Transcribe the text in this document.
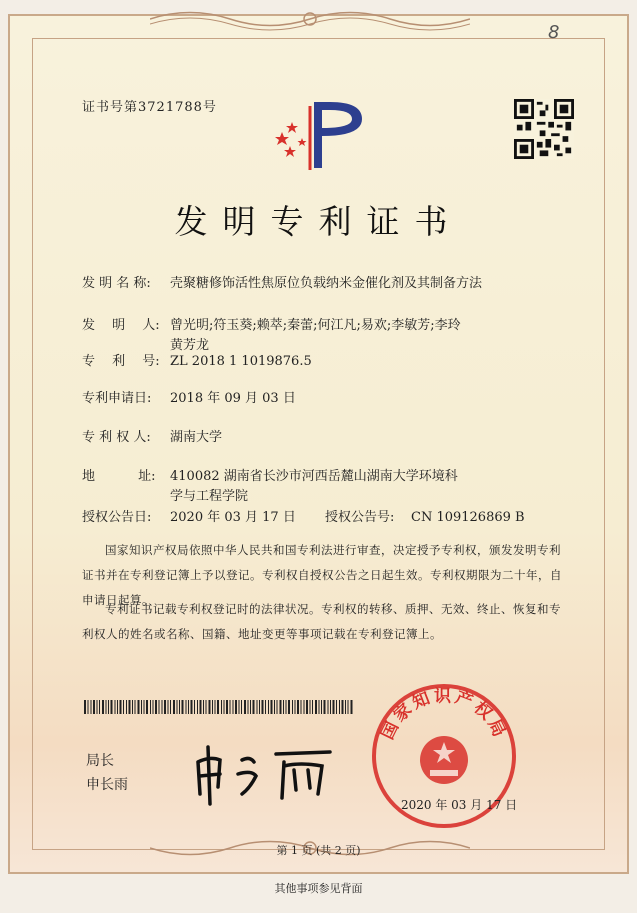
8
证书号第3721788号
发明专利证书
发 明 名 称: 壳聚糖修饰活性焦原位负载纳米金催化剂及其制备方法
发　 明 　人: 曾光明;符玉葵;赖萃;秦蕾;何江凡;易欢;李敏芳;李玲黄芳龙
专　 利 　号: ZL 2018 1 1019876.5
专利申请日: 2018 年 09 月 03 日
专 利 权 人: 湖南大学
地　　　 址: 410082 湖南省长沙市河西岳麓山湖南大学环境科学与工程学院
授权公告日: 2020 年 03 月 17 日	授权公告号: CN 109126869 B
国家知识产权局依照中华人民共和国专利法进行审查，决定授予专利权，颁发发明专利证书并在专利登记簿上予以登记。专利权自授权公告之日起生效。专利权期限为二十年，自申请日起算。
专利证书记载专利权登记时的法律状况。专利权的转移、质押、无效、终止、恢复和专利权人的姓名或名称、国籍、地址变更等事项记载在专利登记簿上。
局长
申长雨
国家知识产权局
2020 年 03 月 17 日
第 1 页 (共 2 页)
其他事项参见背面
